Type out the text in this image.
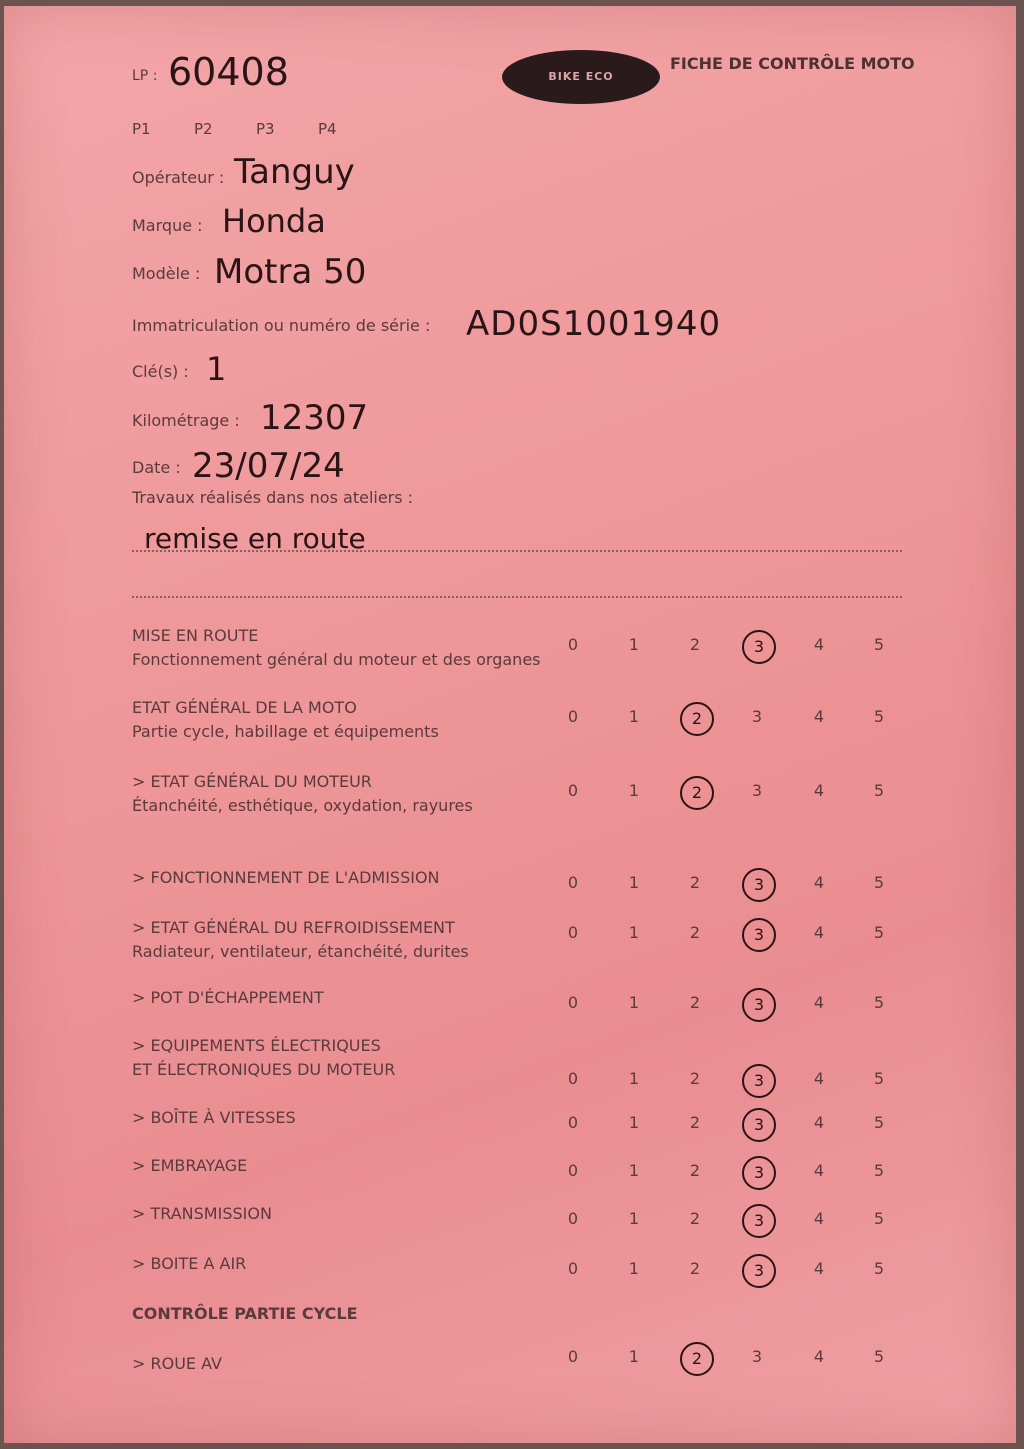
LP : 60408	BIKE ECO
FICHE DE CONTRÔLE MOTO
P1	P2	P3	P4
Opérateur : Tanguy
Marque : Honda
Modèle : Motra 50
Immatriculation ou numéro de série : AD0S1001940
Clé(s) : 1
Kilométrage : 12307
Date : 23/07/24
Travaux réalisés dans nos ateliers :
remise en route
MISE EN ROUTE
Fonctionnement général du moteur et des organes
0	1	2	3	4	5
ETAT GÉNÉRAL DE LA MOTO
Partie cycle, habillage et équipements
0	1	2	3	4	5
> ETAT GÉNÉRAL DU MOTEUR
Étanchéité, esthétique, oxydation, rayures
0	1	2	3	4	5
> FONCTIONNEMENT DE L'ADMISSION	0	1	2	3	4	5
> ETAT GÉNÉRAL DU REFROIDISSEMENT
Radiateur, ventilateur, étanchéité, durites
0	1	2	3	4	5
> POT D'ÉCHAPPEMENT	0	1	2	3	4	5
> EQUIPEMENTS ÉLECTRIQUES
ET ÉLECTRONIQUES DU MOTEUR	0	1	2	3	4	5
> BOÎTE À VITESSES	0	1	2	3	4	5
> EMBRAYAGE	0	1	2	3	4	5
> TRANSMISSION	0	1	2	3	4	5
> BOITE A AIR	0	1	2	3	4	5
CONTRÔLE PARTIE CYCLE
> ROUE AV	0	1	2	3	4	5
